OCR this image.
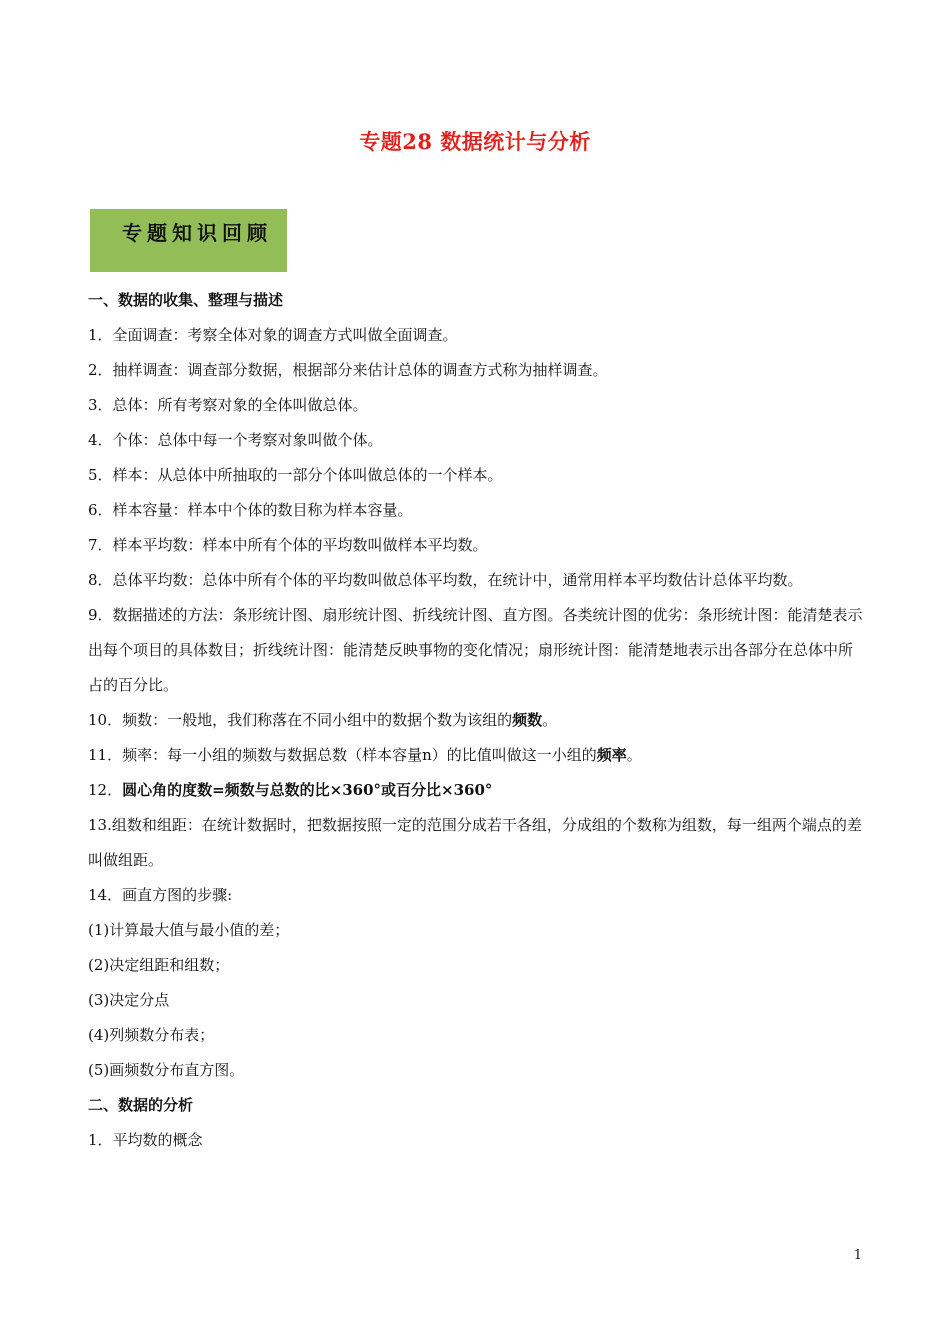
专题28 数据统计与分析
专题知识回顾

一、数据的收集、整理与描述

1．全面调查：考察全体对象的调查方式叫做全面调查。

2．抽样调查：调查部分数据，根据部分来估计总体的调查方式称为抽样调查。

3．总体：所有考察对象的全体叫做总体。

4．个体：总体中每一个考察对象叫做个体。

5．样本：从总体中所抽取的一部分个体叫做总体的一个样本。

6．样本容量：样本中个体的数目称为样本容量。

7．样本平均数：样本中所有个体的平均数叫做样本平均数。

8．总体平均数：总体中所有个体的平均数叫做总体平均数，在统计中，通常用样本平均数估计总体平均数。

9．数据描述的方法：条形统计图、扇形统计图、折线统计图、直方图。各类统计图的优劣：条形统计图：能清楚表示出每个项目的具体数目；折线统计图：能清楚反映事物的变化情况；扇形统计图：能清楚地表示出各部分在总体中所占的百分比。

10．频数：一般地，我们称落在不同小组中的数据个数为该组的频数。

11．频率：每一小组的频数与数据总数（样本容量n）的比值叫做这一小组的频率。

12．圆心角的度数=频数与总数的比×360°或百分比×360°

13.组数和组距：在统计数据时，把数据按照一定的范围分成若干各组，分成组的个数称为组数，每一组两个端点的差叫做组距。

14．画直方图的步骤:

(1)计算最大值与最小值的差；

(2)决定组距和组数；

(3)决定分点

(4)列频数分布表；

(5)画频数分布直方图。

二、数据的分析

1．平均数的概念

1
